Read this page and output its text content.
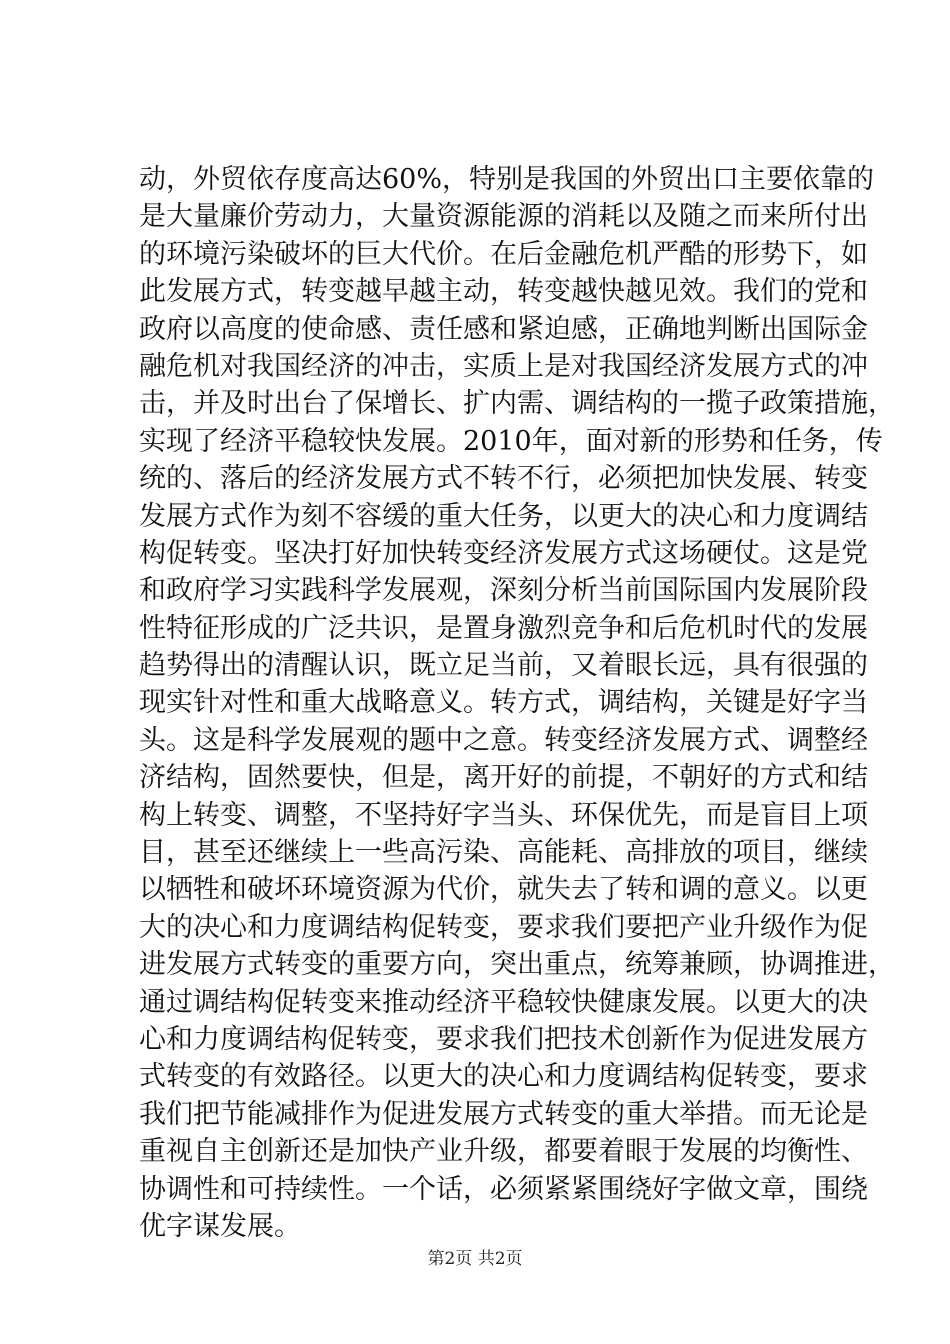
动，外贸依存度高达60%，特别是我国的外贸出口主要依靠的
是大量廉价劳动力，大量资源能源的消耗以及随之而来所付出
的环境污染破坏的巨大代价。在后金融危机严酷的形势下，如
此发展方式，转变越早越主动，转变越快越见效。我们的党和
政府以高度的使命感、责任感和紧迫感，正确地判断出国际金
融危机对我国经济的冲击，实质上是对我国经济发展方式的冲
击，并及时出台了保增长、扩内需、调结构的一揽子政策措施，
实现了经济平稳较快发展。2010年，面对新的形势和任务，传
统的、落后的经济发展方式不转不行，必须把加快发展、转变
发展方式作为刻不容缓的重大任务，以更大的决心和力度调结
构促转变。坚决打好加快转变经济发展方式这场硬仗。这是党
和政府学习实践科学发展观，深刻分析当前国际国内发展阶段
性特征形成的广泛共识，是置身激烈竞争和后危机时代的发展
趋势得出的清醒认识，既立足当前，又着眼长远，具有很强的
现实针对性和重大战略意义。转方式，调结构，关键是好字当
头。这是科学发展观的题中之意。转变经济发展方式、调整经
济结构，固然要快，但是，离开好的前提，不朝好的方式和结
构上转变、调整，不坚持好字当头、环保优先，而是盲目上项
目，甚至还继续上一些高污染、高能耗、高排放的项目，继续
以牺牲和破坏环境资源为代价，就失去了转和调的意义。以更
大的决心和力度调结构促转变，要求我们要把产业升级作为促
进发展方式转变的重要方向，突出重点，统筹兼顾，协调推进，
通过调结构促转变来推动经济平稳较快健康发展。以更大的决
心和力度调结构促转变，要求我们把技术创新作为促进发展方
式转变的有效路径。以更大的决心和力度调结构促转变，要求
我们把节能减排作为促进发展方式转变的重大举措。而无论是
重视自主创新还是加快产业升级，都要着眼于发展的均衡性、
协调性和可持续性。一个话，必须紧紧围绕好字做文章，围绕
优字谋发展。
第2页 共2页
